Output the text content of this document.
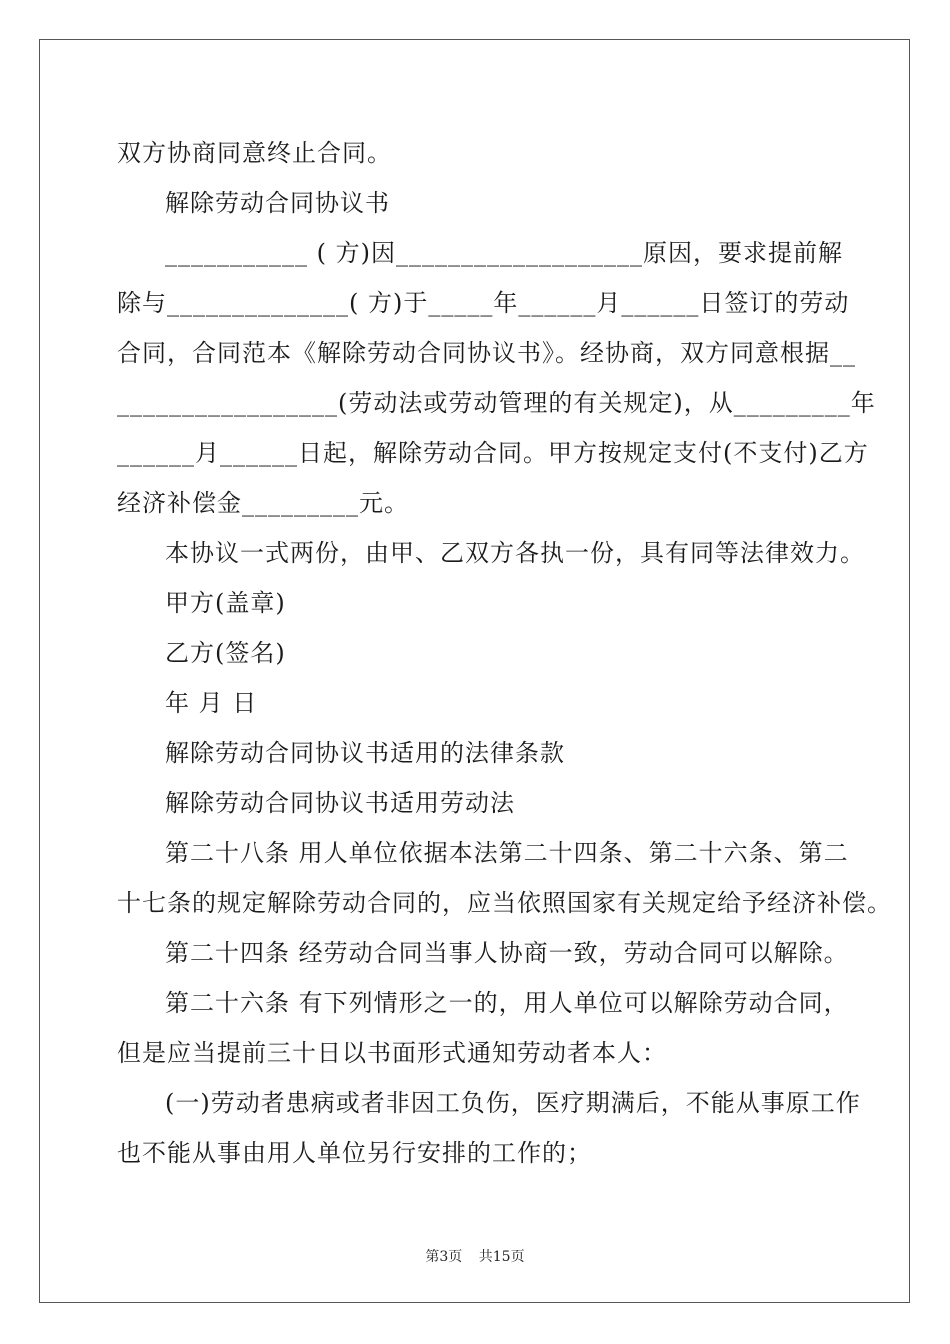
双方协商同意终止合同。
解除劳动合同协议书
___________ ( 方)因___________________原因，要求提前解
除与______________( 方)于_____年______月______日签订的劳动
合同，合同范本《解除劳动合同协议书》。经协商，双方同意根据__
_________________(劳动法或劳动管理的有关规定)，从_________年
______月______日起，解除劳动合同。甲方按规定支付(不支付)乙方
经济补偿金_________元。
本协议一式两份，由甲、乙双方各执一份，具有同等法律效力。
甲方(盖章)
乙方(签名)
年 月 日
解除劳动合同协议书适用的法律条款
解除劳动合同协议书适用劳动法
第二十八条 用人单位依据本法第二十四条、第二十六条、第二
十七条的规定解除劳动合同的，应当依照国家有关规定给予经济补偿。
第二十四条 经劳动合同当事人协商一致，劳动合同可以解除。
第二十六条 有下列情形之一的，用人单位可以解除劳动合同，
但是应当提前三十日以书面形式通知劳动者本人：
(一)劳动者患病或者非因工负伤，医疗期满后，不能从事原工作
也不能从事由用人单位另行安排的工作的；
第3页 共15页
